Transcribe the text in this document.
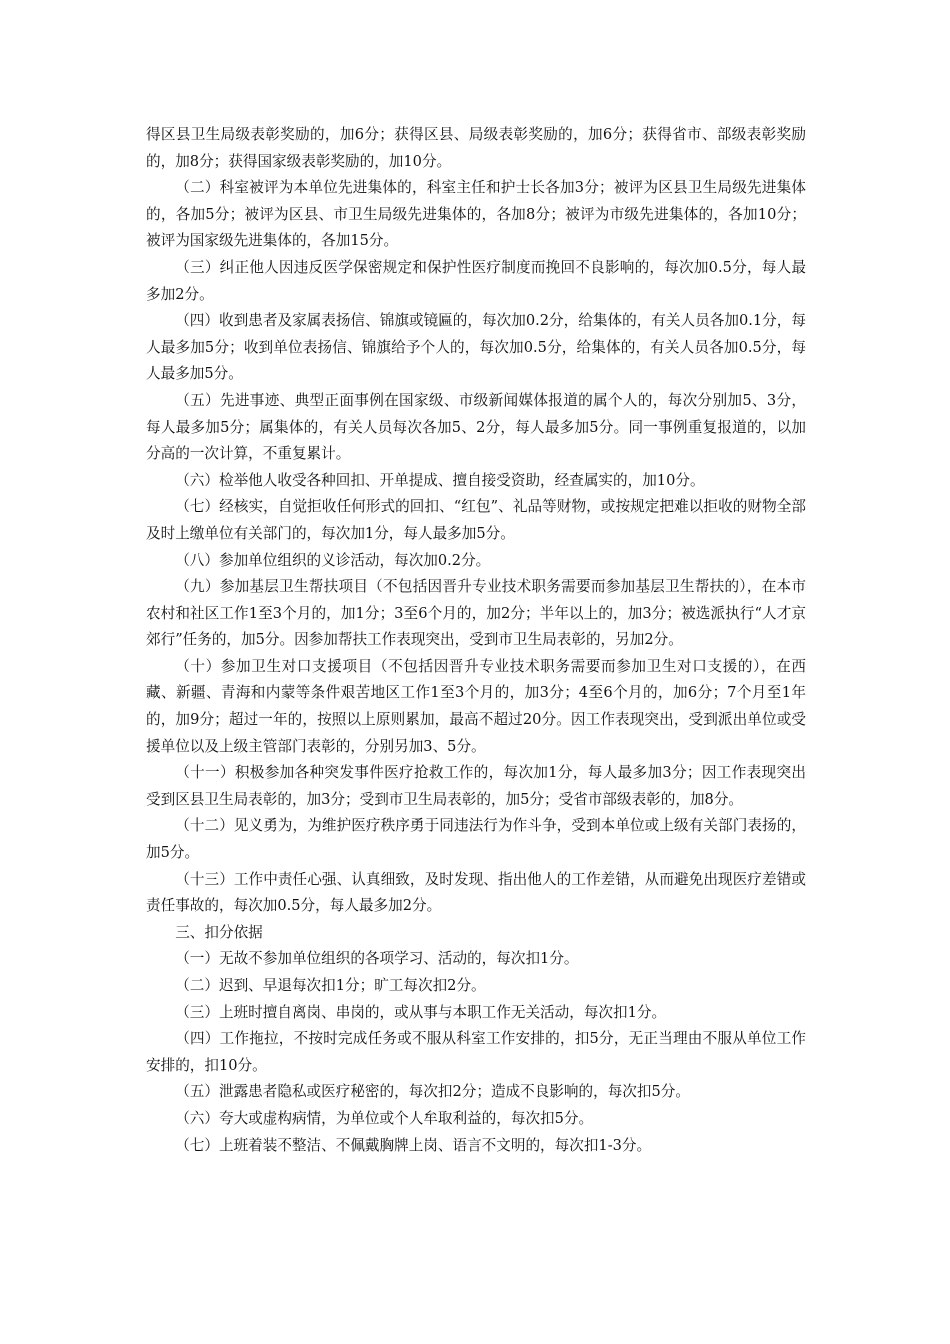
得区县卫生局级表彰奖励的，加6分；获得区县、局级表彰奖励的，加6分；获得省市、部级表彰奖励的，加8分；获得国家级表彰奖励的，加10分。

（二）科室被评为本单位先进集体的，科室主任和护士长各加3分；被评为区县卫生局级先进集体的，各加5分；被评为区县、市卫生局级先进集体的，各加8分；被评为市级先进集体的，各加10分；被评为国家级先进集体的，各加15分。

（三）纠正他人因违反医学保密规定和保护性医疗制度而挽回不良影响的，每次加0.5分，每人最多加2分。

（四）收到患者及家属表扬信、锦旗或镜匾的，每次加0.2分，给集体的，有关人员各加0.1分，每人最多加5分；收到单位表扬信、锦旗给予个人的，每次加0.5分，给集体的，有关人员各加0.5分，每人最多加5分。

（五）先进事迹、典型正面事例在国家级、市级新闻媒体报道的属个人的，每次分别加5、3分，每人最多加5分；属集体的，有关人员每次各加5、2分，每人最多加5分。同一事例重复报道的，以加分高的一次计算，不重复累计。

（六）检举他人收受各种回扣、开单提成、擅自接受资助，经查属实的，加10分。

（七）经核实，自觉拒收任何形式的回扣、“红包”、礼品等财物，或按规定把难以拒收的财物全部及时上缴单位有关部门的，每次加1分，每人最多加5分。

（八）参加单位组织的义诊活动，每次加0.2分。

（九）参加基层卫生帮扶项目（不包括因晋升专业技术职务需要而参加基层卫生帮扶的），在本市农村和社区工作1至3个月的，加1分；3至6个月的，加2分；半年以上的，加3分；被选派执行“人才京郊行”任务的，加5分。因参加帮扶工作表现突出，受到市卫生局表彰的，另加2分。

（十）参加卫生对口支援项目（不包括因晋升专业技术职务需要而参加卫生对口支援的），在西藏、新疆、青海和内蒙等条件艰苦地区工作1至3个月的，加3分；4至6个月的，加6分；7个月至1年的，加9分；超过一年的，按照以上原则累加，最高不超过20分。因工作表现突出，受到派出单位或受援单位以及上级主管部门表彰的，分别另加3、5分。

（十一）积极参加各种突发事件医疗抢救工作的，每次加1分，每人最多加3分；因工作表现突出受到区县卫生局表彰的，加3分；受到市卫生局表彰的，加5分；受省市部级表彰的，加8分。

（十二）见义勇为，为维护医疗秩序勇于同违法行为作斗争，受到本单位或上级有关部门表扬的，加5分。

（十三）工作中责任心强、认真细致，及时发现、指出他人的工作差错，从而避免出现医疗差错或责任事故的，每次加0.5分，每人最多加2分。

三、扣分依据

（一）无故不参加单位组织的各项学习、活动的，每次扣1分。

（二）迟到、早退每次扣1分；旷工每次扣2分。

（三）上班时擅自离岗、串岗的，或从事与本职工作无关活动，每次扣1分。

（四）工作拖拉，不按时完成任务或不服从科室工作安排的，扣5分，无正当理由不服从单位工作安排的，扣10分。

（五）泄露患者隐私或医疗秘密的，每次扣2分；造成不良影响的，每次扣5分。

（六）夸大或虚构病情，为单位或个人牟取利益的，每次扣5分。

（七）上班着装不整洁、不佩戴胸牌上岗、语言不文明的，每次扣1-3分。
